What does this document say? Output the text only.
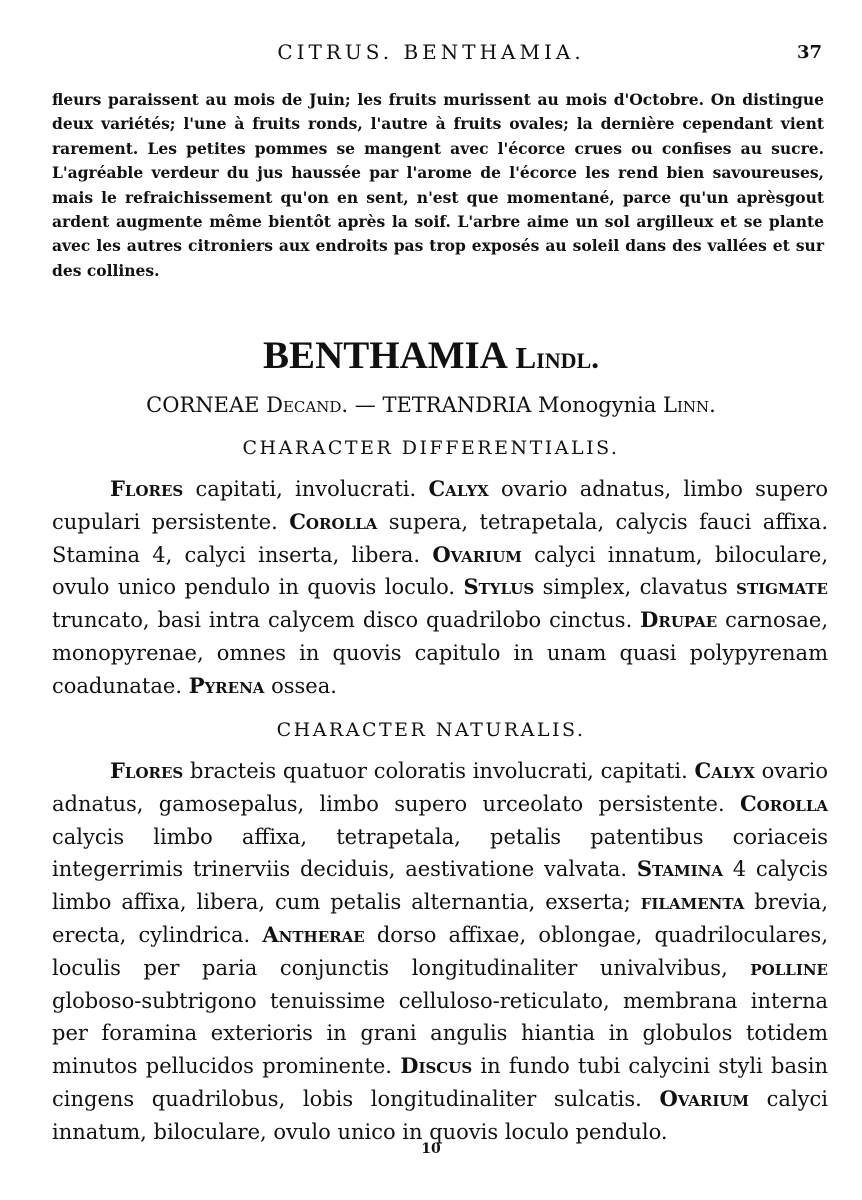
CITRUS. BENTHAMIA.	37

fleurs paraissent au mois de Juin; les fruits murissent au mois d'Octobre. On distingue deux variétés; l'une à fruits ronds, l'autre à fruits ovales; la dernière cependant vient rarement. Les petites pommes se mangent avec l'écorce crues ou confises au sucre. L'agréable verdeur du jus haussée par l'arome de l'écorce les rend bien savoureuses, mais le refraichissement qu'on en sent, n'est que momentané, parce qu'un aprèsgout ardent augmente même bientôt après la soif. L'arbre aime un sol argilleux et se plante avec les autres citroniers aux endroits pas trop exposés au soleil dans des vallées et sur des collines.

BENTHAMIA Lindl.
CORNEAE Decand. — TETRANDRIA Monogynia Linn.
CHARACTER DIFFERENTIALIS.

Flores capitati, involucrati. Calyx ovario adnatus, limbo supero cupulari persistente. Corolla supera, tetrapetala, calycis fauci affixa. Stamina 4, calyci inserta, libera. Ovarium calyci innatum, biloculare, ovulo unico pendulo in quovis loculo. Stylus simplex, clavatus stigmate truncato, basi intra calycem disco quadrilobo cinctus. Drupae carnosae, monopyrenae, omnes in quovis capitulo in unam quasi polypyrenam coadunatae. Pyrena ossea.

CHARACTER NATURALIS.

Flores bracteis quatuor coloratis involucrati, capitati. Calyx ovario adnatus, gamosepalus, limbo supero urceolato persistente. Corolla calycis limbo affixa, tetrapetala, petalis patentibus coriaceis integerrimis trinerviis deciduis, aestivatione valvata. Stamina 4 calycis limbo affixa, libera, cum petalis alternantia, exserta; filamenta brevia, erecta, cylindrica. Antherae dorso affixae, oblongae, quadriloculares, loculis per paria conjunctis longitudinaliter univalvibus, polline globoso-subtrigono tenuissime celluloso-reticulato, membrana interna per foramina exterioris in grani angulis hiantia in globulos totidem minutos pellucidos prominente. Discus in fundo tubi calycini styli basin cingens quadrilobus, lobis longitudinaliter sulcatis. Ovarium calyci innatum, biloculare, ovulo unico in quovis loculo pendulo.

10
